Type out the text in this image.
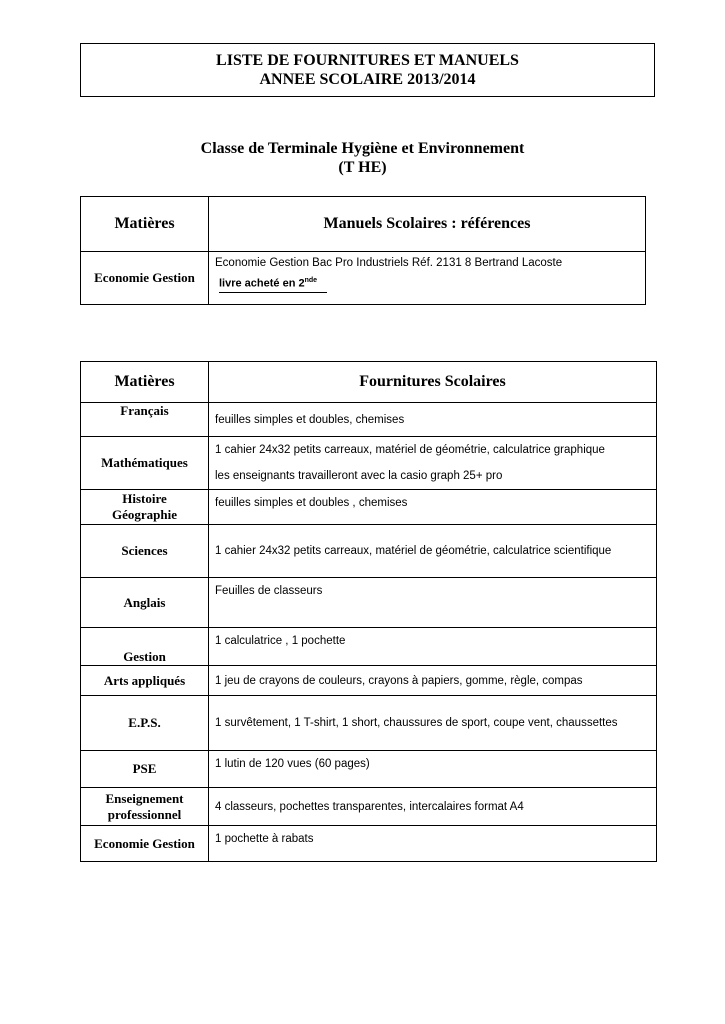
LISTE DE FOURNITURES ET MANUELS
ANNEE SCOLAIRE 2013/2014
Classe de Terminale Hygiène et Environnement
(T HE)
Matières	Manuels Scolaires : références
Economie Gestion	Economie Gestion Bac Pro Industriels Réf. 2131 8 Bertrand Lacoste
livre acheté en 2nde
Matières	Fournitures Scolaires
Français	feuilles simples et doubles, chemises
Mathématiques	1 cahier 24x32 petits carreaux, matériel de géométrie, calculatrice graphique
les enseignants travailleront avec la casio graph 25+ pro

Histoire
Géographie	feuilles simples et doubles , chemises
Sciences	1 cahier 24x32 petits carreaux, matériel de géométrie, calculatrice scientifique
Anglais	Feuilles de classeurs
Gestion	1 calculatrice , 1 pochette
Arts appliqués	1 jeu de crayons de couleurs, crayons à papiers, gomme, règle, compas
E.P.S.	1 survêtement, 1 T-shirt, 1 short, chaussures de sport, coupe vent, chaussettes
PSE	1 lutin de 120 vues (60 pages)

Enseignement
professionnel	4 classeurs, pochettes transparentes, intercalaires format A4
Economie Gestion	1 pochette à rabats
